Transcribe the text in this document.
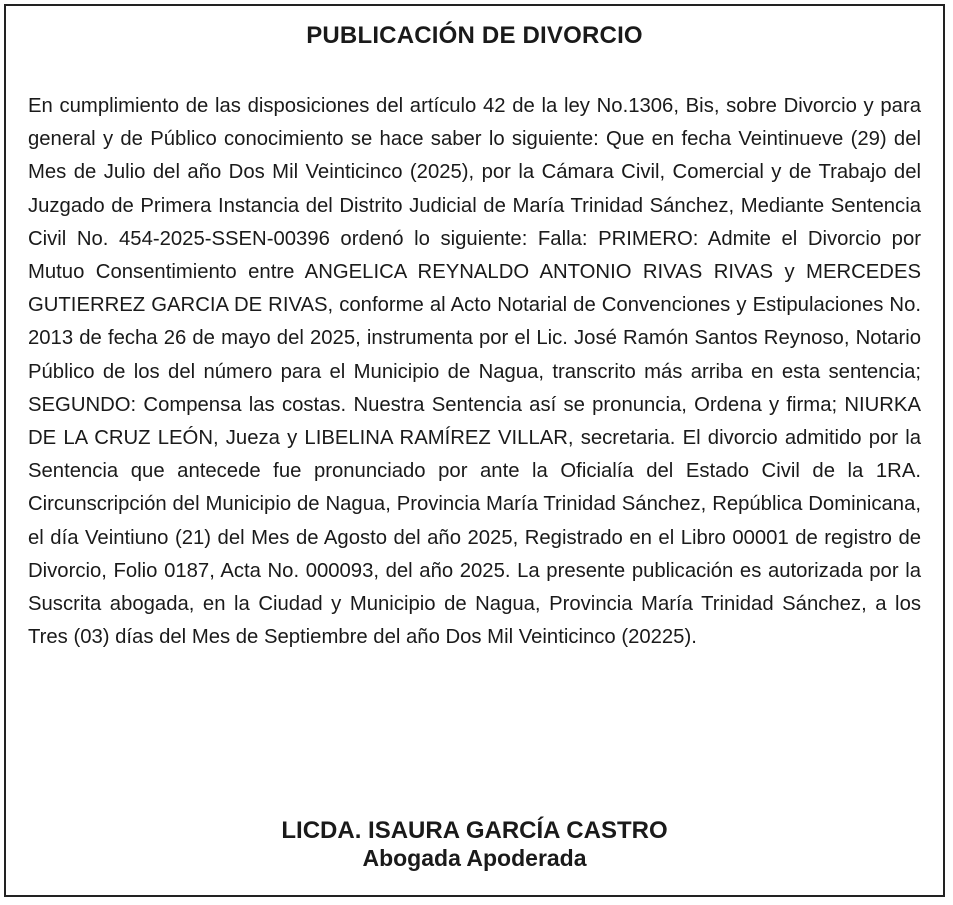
PUBLICACIÓN DE DIVORCIO

En cumplimiento de las disposiciones del artículo 42 de la ley No.1306, Bis, sobre Divorcio y para general y de Público conocimiento se hace saber lo siguiente: Que en fecha Veintinueve (29) del Mes de Julio del año Dos Mil Veinticinco (2025), por la Cámara Civil, Comercial y de Trabajo del Juzgado de Primera Instancia del Distrito Judicial de María Trinidad Sánchez, Mediante Sentencia Civil No. 454-2025-SSEN-00396 ordenó lo siguiente: Falla: PRIMERO: Admite el Divorcio por Mutuo Consentimiento entre ANGELICA REYNALDO ANTONIO RIVAS RIVAS y MERCEDES GUTIERREZ GARCIA DE RIVAS, conforme al Acto Notarial de Convenciones y Estipulaciones No. 2013 de fecha 26 de mayo del 2025, instrumenta por el Lic. José Ramón Santos Reynoso, Notario Público de los del número para el Municipio de Nagua, transcrito más arriba en esta sentencia; SEGUNDO: Compensa las costas. Nuestra Sentencia así se pronuncia, Ordena y firma; NIURKA DE LA CRUZ LEÓN, Jueza y LIBELINA RAMÍREZ VILLAR, secretaria. El divorcio admitido por la Sentencia que antecede fue pronunciado por ante la Oficialía del Estado Civil de la 1RA. Circunscripción del Municipio de Nagua, Provincia María Trinidad Sánchez, República Dominicana, el día Veintiuno (21) del Mes de Agosto del año 2025, Registrado en el Libro 00001 de registro de Divorcio, Folio 0187, Acta No. 000093, del año 2025. La presente publicación es autorizada por la Suscrita abogada, en la Ciudad y Municipio de Nagua, Provincia María Trinidad Sánchez, a los Tres (03) días del Mes de Septiembre del año Dos Mil Veinticinco (20225).

LICDA. ISAURA GARCÍA CASTRO
Abogada Apoderada
